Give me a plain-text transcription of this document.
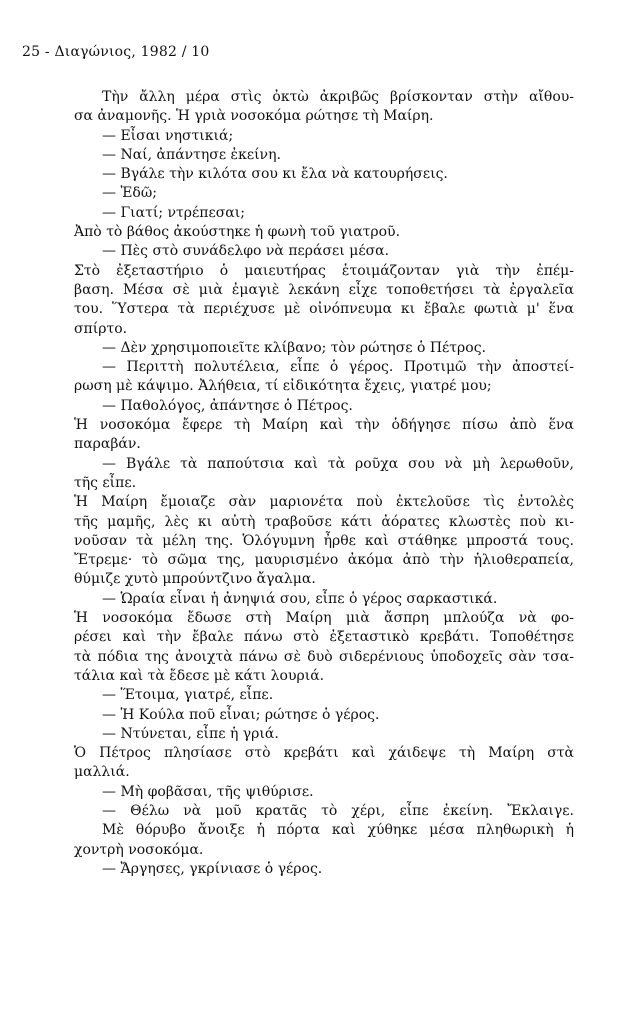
25 - Διαγώνιος, 1982 / 10
Τὴν ἄλλη μέρα στὶς ὀκτὼ ἀκριβῶς βρίσκονταν στὴν αἴθου-
σα ἀναμονῆς. Ἡ γριὰ νοσοκόμα ρώτησε τὴ Μαίρη.
— Εἶσαι νηστικιά;
— Ναί, ἀπάντησε ἐκείνη.
— Βγάλε τὴν κιλότα σου κι ἔλα νὰ κατουρήσεις.
— Ἐδῶ;
— Γιατί; ντρέπεσαι;
Ἀπὸ τὸ βάθος ἀκούστηκε ἡ φωνὴ τοῦ γιατροῦ.
— Πὲς στὸ συνάδελφο νὰ περάσει μέσα.
Στὸ ἐξεταστήριο ὁ μαιευτήρας ἑτοιμάζονταν γιὰ τὴν ἐπέμ-
βαση. Μέσα σὲ μιὰ ἐμαγιὲ λεκάνη εἶχε τοποθετήσει τὰ ἐργαλεῖα
του. Ὕστερα τὰ περιέχυσε μὲ οἰνόπνευμα κι ἔβαλε φωτιὰ μ' ἕνα
σπίρτο.
— Δὲν χρησιμοποιεῖτε κλίβανο; τὸν ρώτησε ὁ Πέτρος.
— Περιττὴ πολυτέλεια, εἶπε ὁ γέρος. Προτιμῶ τὴν ἀποστεί-
ρωση μὲ κάψιμο. Ἀλήθεια, τί εἰδικότητα ἔχεις, γιατρέ μου;
— Παθολόγος, ἀπάντησε ὁ Πέτρος.
Ἡ νοσοκόμα ἔφερε τὴ Μαίρη καὶ τὴν ὁδήγησε πίσω ἀπὸ ἕνα
παραβάν.
— Βγάλε τὰ παπούτσια καὶ τὰ ροῦχα σου νὰ μὴ λερωθοῦν,
τῆς εἶπε.
Ἡ Μαίρη ἔμοιαζε σὰν μαριονέτα ποὺ ἐκτελοῦσε τὶς ἐντολὲς
τῆς μαμῆς, λὲς κι αὐτὴ τραβοῦσε κάτι ἀόρατες κλωστὲς ποὺ κι-
νοῦσαν τὰ μέλη της. Ὁλόγυμνη ἦρθε καὶ στάθηκε μπροστά τους.
Ἔτρεμε· τὸ σῶμα της, μαυρισμένο ἀκόμα ἀπὸ τὴν ἡλιοθεραπεία,
θύμιζε χυτὸ μπρούντζινο ἄγαλμα.
— Ὡραία εἶναι ἡ ἀνηψιά σου, εἶπε ὁ γέρος σαρκαστικά.
Ἡ νοσοκόμα ἔδωσε στὴ Μαίρη μιὰ ἄσπρη μπλούζα νὰ φο-
ρέσει καὶ τὴν ἔβαλε πάνω στὸ ἐξεταστικὸ κρεβάτι. Τοποθέτησε
τὰ πόδια της ἀνοιχτὰ πάνω σὲ δυὸ σιδερένιους ὑποδοχεῖς σὰν τσα-
τάλια καὶ τὰ ἔδεσε μὲ κάτι λουριά.
— Ἕτοιμα, γιατρέ, εἶπε.
— Ἡ Κούλα ποῦ εἶναι; ρώτησε ὁ γέρος.
— Ντύνεται, εἶπε ἡ γριά.
Ὁ Πέτρος πλησίασε στὸ κρεβάτι καὶ χάιδεψε τὴ Μαίρη στὰ
μαλλιά.
— Μὴ φοβᾶσαι, τῆς ψιθύρισε.
— Θέλω νὰ μοῦ κρατᾶς τὸ χέρι, εἶπε ἐκείνη. Ἔκλαιγε.
Μὲ θόρυβο ἄνοιξε ἡ πόρτα καὶ χύθηκε μέσα πληθωρικὴ ἡ
χοντρὴ νοσοκόμα.
— Ἄργησες, γκρίνιασε ὁ γέρος.
